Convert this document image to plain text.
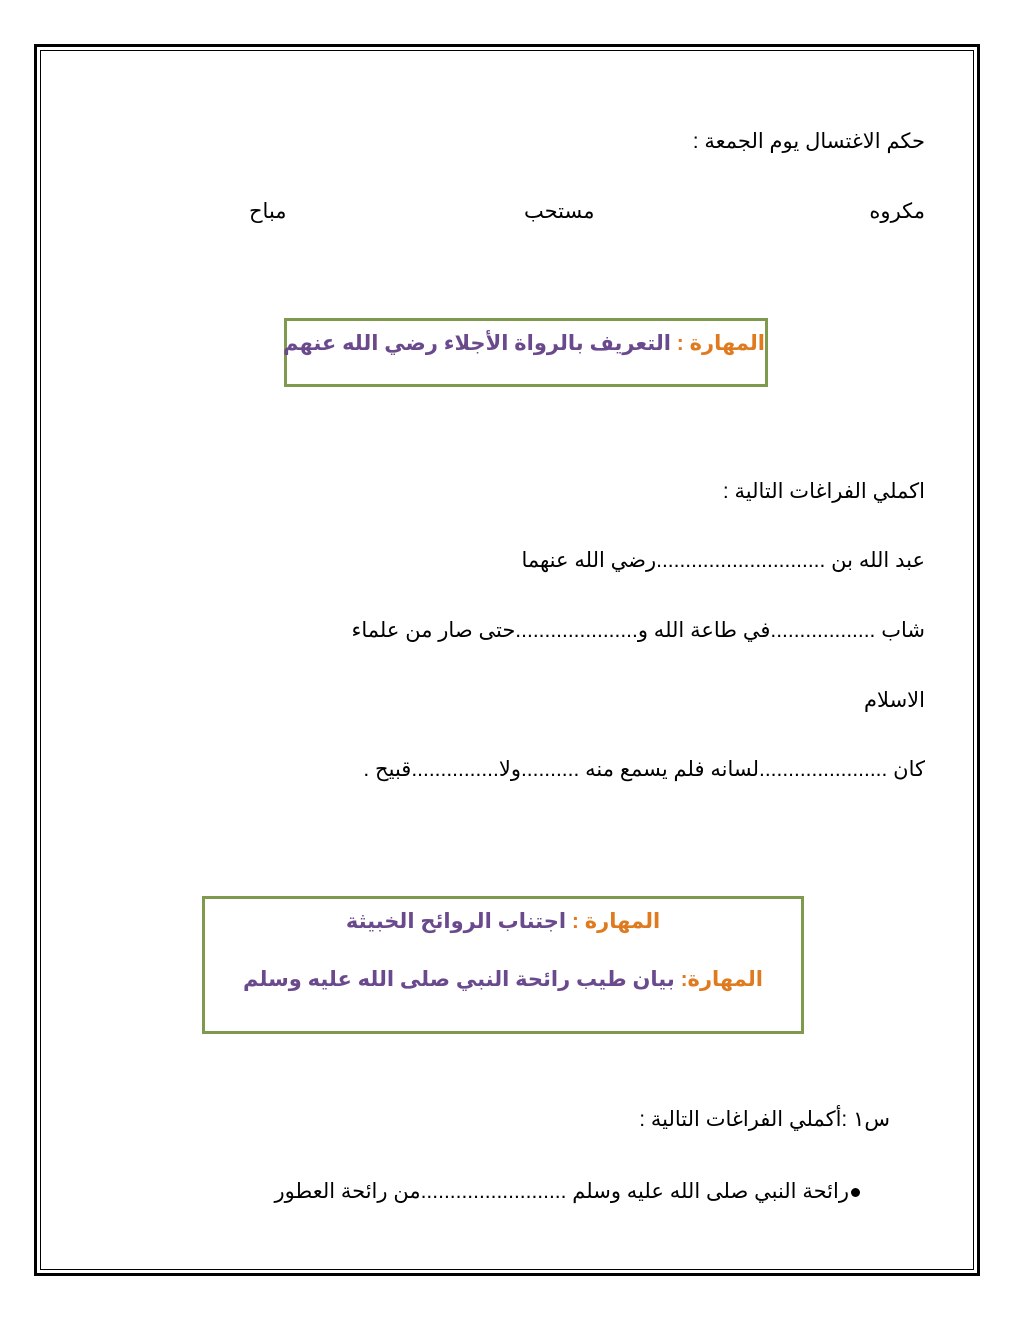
حكم الاغتسال يوم الجمعة :
مكروه
مستحب
مباح
المهارة : التعريف بالرواة الأجلاء رضي الله عنهم
اكملي الفراغات التالية :
عبد الله بن .............................رضي الله عنهما
شاب ..................في طاعة الله و.....................حتى صار من علماء
الاسلام
كان ......................لسانه فلم يسمع منه ..........ولا...............قبيح .
المهارة : اجتناب الروائح الخبيثة
المهارة: بيان طيب رائحة النبي صلى الله عليه وسلم
س١ :أكملي الفراغات التالية :
رائحة النبي صلى الله عليه وسلم .........................من رائحة العطور
